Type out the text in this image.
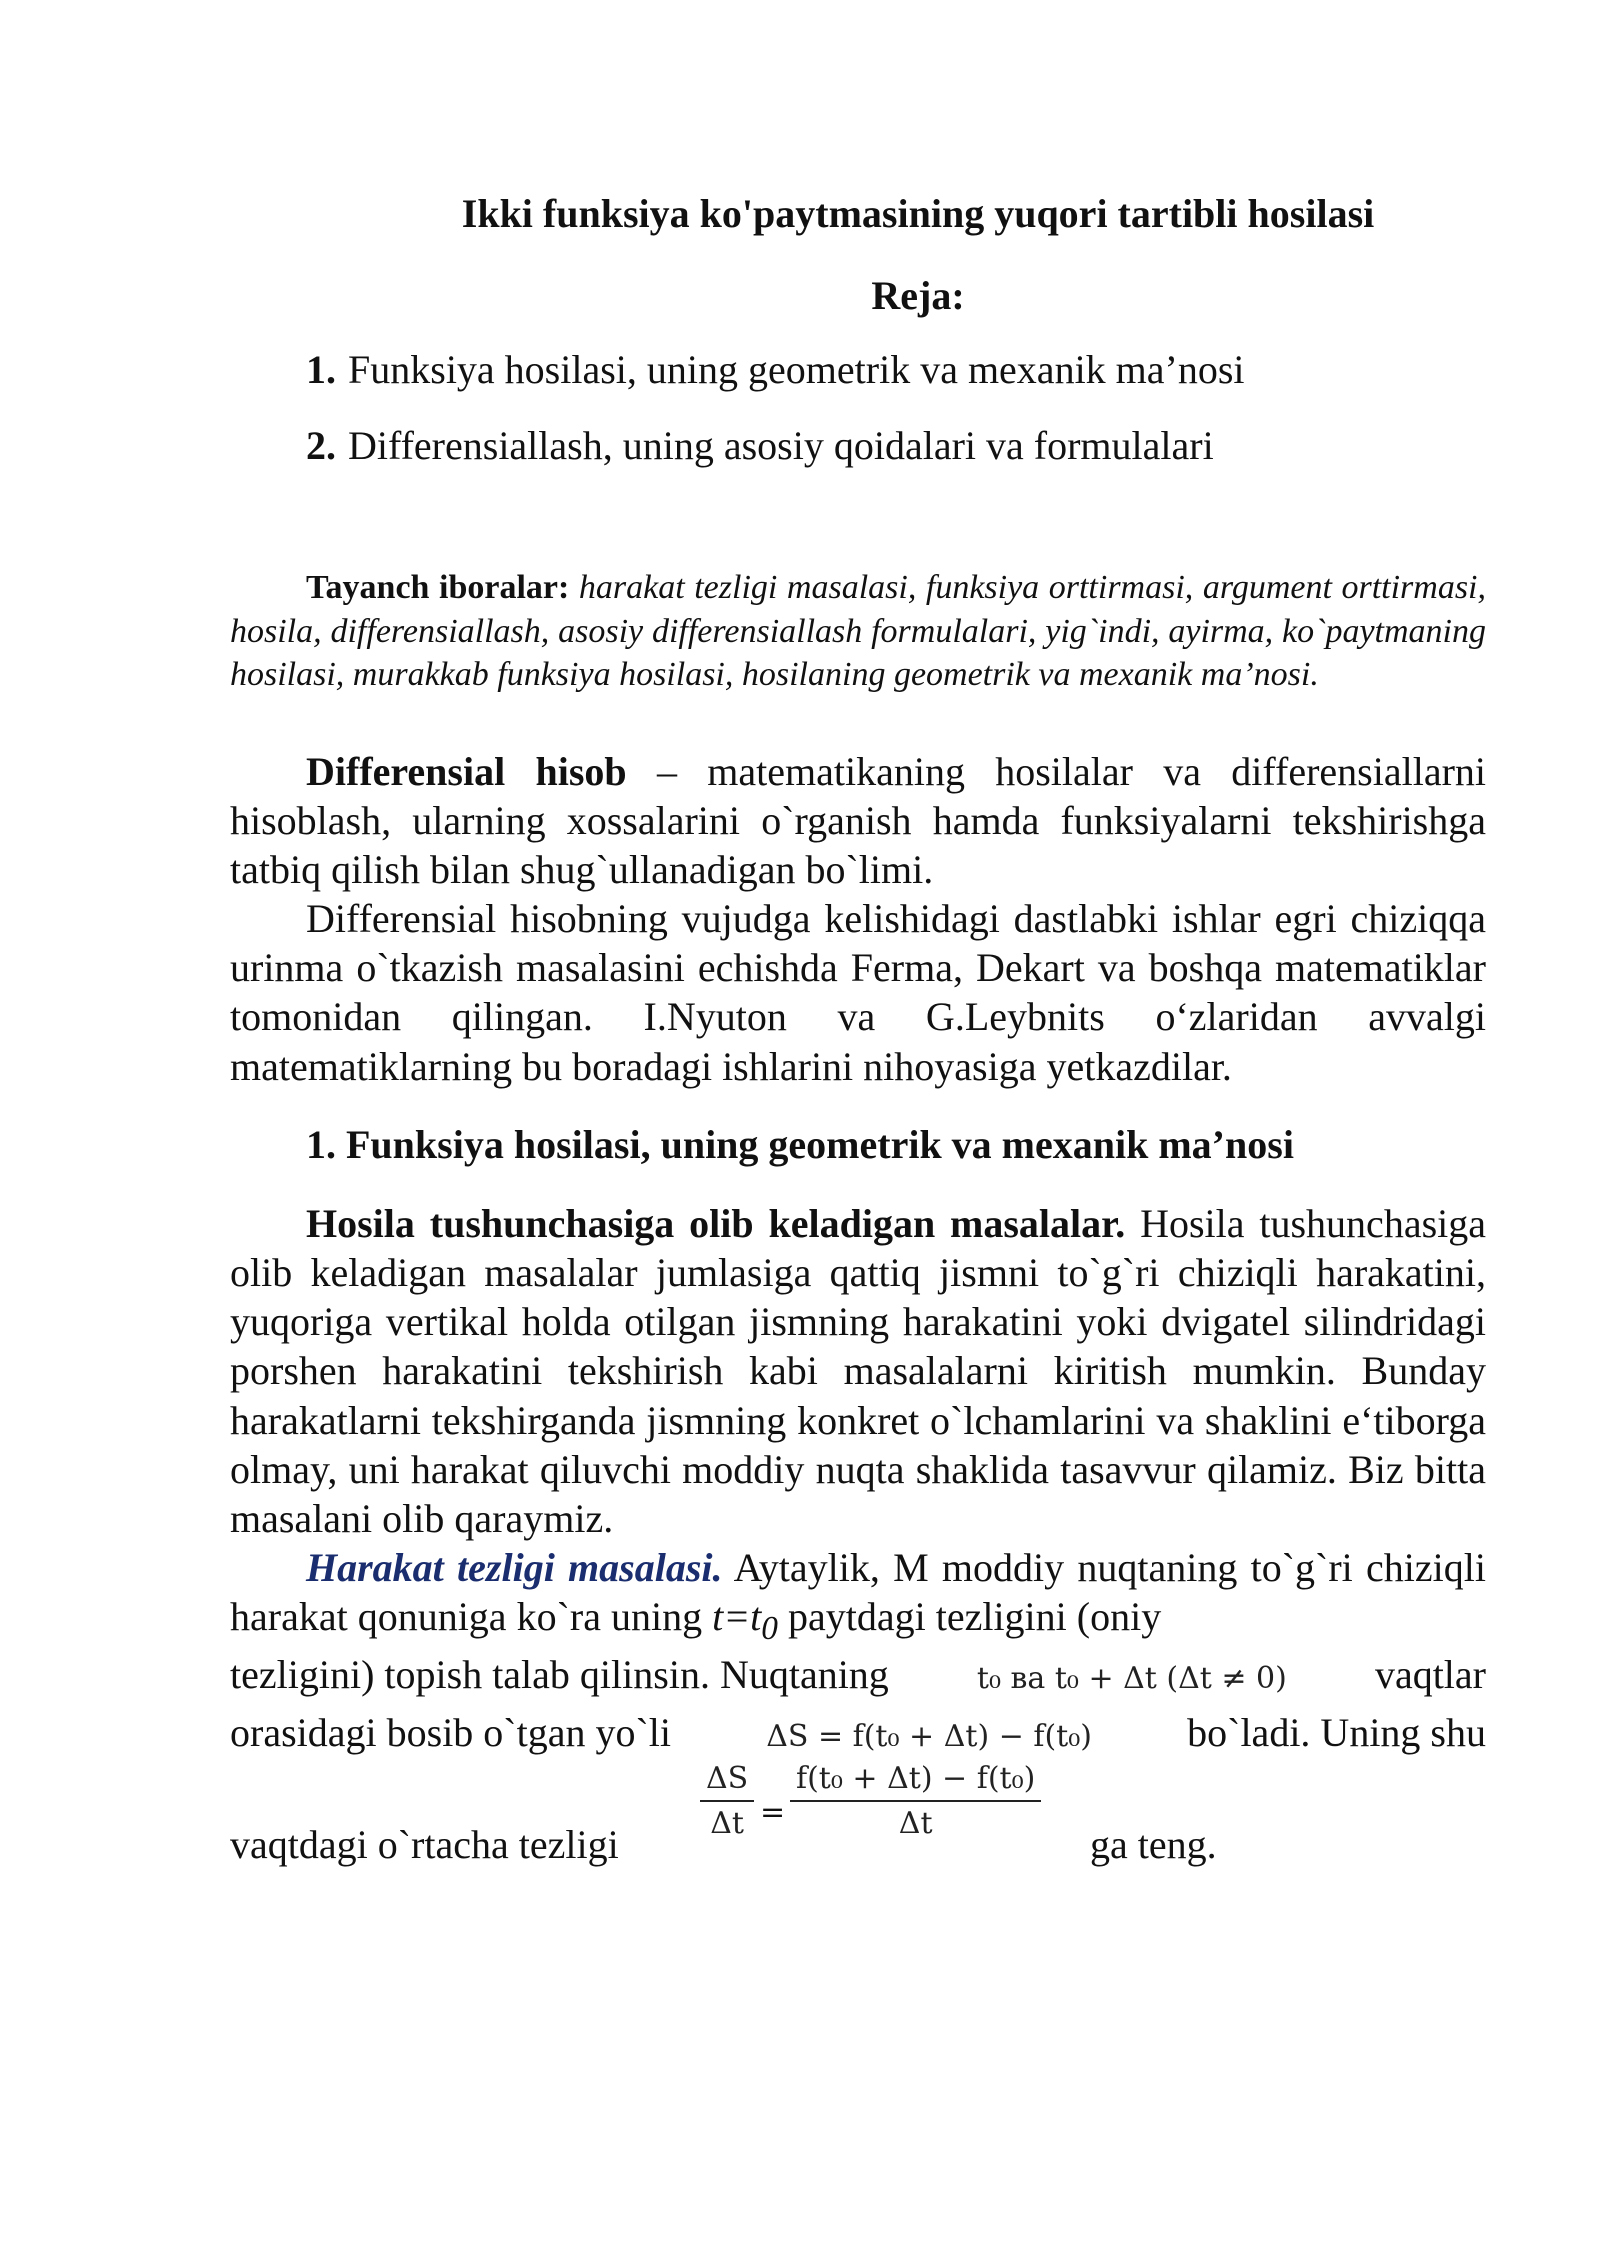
Ikki funksiya ko'paytmasining yuqori tartibli hosilasi
Reja:
1. Funksiya hosilasi, uning geometrik va mexanik ma’nosi
2. Differensiallash, uning asosiy qoidalari va formulalari

Tayanch iboralar: harakat tezligi masalasi, funksiya orttirmasi, argument orttirmasi, hosila, differensiallash, asosiy differensiallash formulalari, yig`indi, ayirma, ko`paytmaning hosilasi, murakkab funksiya hosilasi, hosilaning geometrik va mexanik ma’nosi.

Differensial hisob – matematikaning hosilalar va differensiallarni hisoblash, ularning xossalarini o`rganish hamda funksiyalarni tekshirishga tatbiq qilish bilan shug`ullanadigan bo`limi.

Differensial hisobning vujudga kelishidagi dastlabki ishlar egri chiziqqa urinma o`tkazish masalasini echishda Ferma, Dekart va boshqa matematiklar tomonidan qilingan. I.Nyuton va G.Leybnits o‘zlaridan avvalgi matematiklarning bu boradagi ishlarini nihoyasiga yetkazdilar.

1. Funksiya hosilasi, uning geometrik va mexanik ma’nosi

Hosila tushunchasiga olib keladigan masalalar. Hosila tushunchasiga olib keladigan masalalar jumlasiga qattiq jismni to`g`ri chiziqli harakatini, yuqoriga vertikal holda otilgan jismning harakatini yoki dvigatel silindridagi porshen harakatini tekshirish kabi masalalarni kiritish mumkin. Bunday harakatlarni tekshirganda jismning konkret o`lchamlarini va shaklini e‘tiborga olmay, uni harakat qiluvchi moddiy nuqta shaklida tasavvur qilamiz. Biz bitta masalani olib qaraymiz.

Harakat tezligi masalasi. Aytaylik, M moddiy nuqtaning to`g`ri chiziqli harakat qonuniga ko`ra uning $t=t_0$ paytdagi tezligini (oniy

tezligini) topish talab qilinsin. Nuqtaning	t₀ ва t₀ + Δt (Δt ≠ 0) vaqtlar
orasidagi bosib o`tgan yo`li	ΔS = f(t₀ + Δt) − f(t₀) bo`ladi. Uning shu
vaqtdagi o`rtacha tezligi
$\frac{\Delta S}{\Delta t} = \frac{\text{f(t₀ + Δt) − f(t₀)}}{\Delta t}$
ga teng.
